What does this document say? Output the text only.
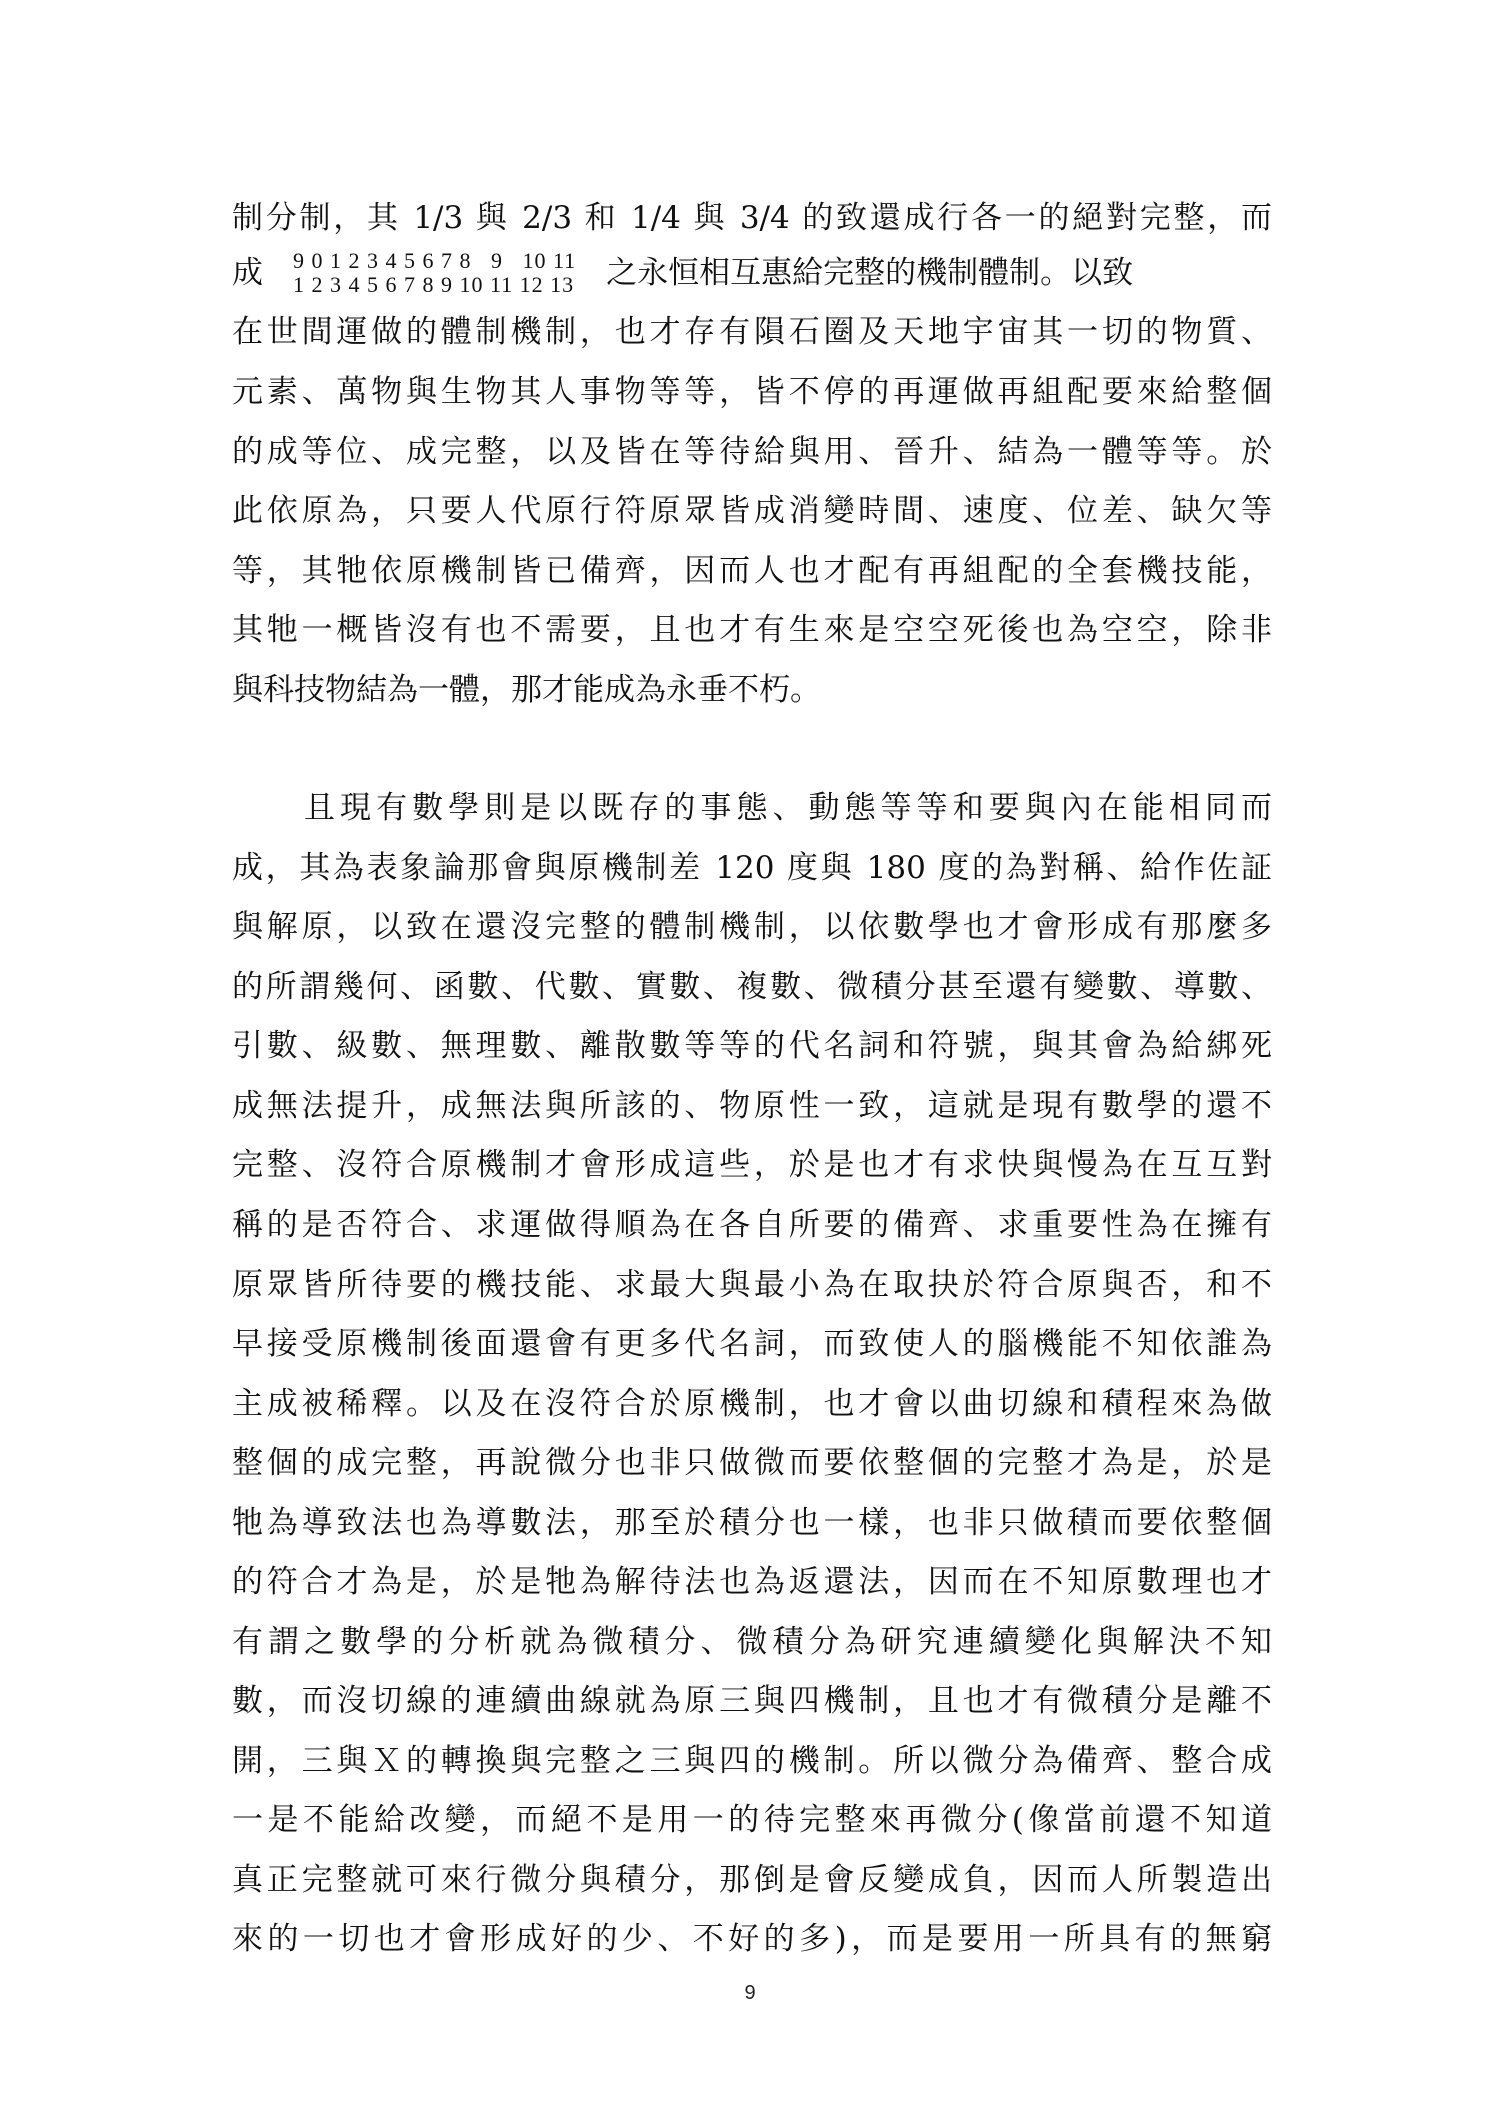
制分制，其 1/3 與 2/3 和 1/4 與 3/4 的致還成行各一的絕對完整，而
成 9 0 1 2 3 4 5 6 7 8   9   10 11
1 2 3 4 5 6 7 8 9 10 11 12 13 之永恒相互惠給完整的機制體制。以致
在世間運做的體制機制，也才存有隕石圈及天地宇宙其一切的物質、
元素、萬物與生物其人事物等等，皆不停的再運做再組配要來給整個
的成等位、成完整，以及皆在等待給與用、晉升、結為一體等等。於
此依原為，只要人代原行符原眾皆成消變時間、速度、位差、缺欠等
等，其牠依原機制皆已備齊，因而人也才配有再組配的全套機技能，
其牠一概皆沒有也不需要，且也才有生來是空空死後也為空空，除非
與科技物結為一體，那才能成為永垂不朽。
且現有數學則是以既存的事態、動態等等和要與內在能相同而
成，其為表象論那會與原機制差 120 度與 180 度的為對稱、給作佐証
與解原，以致在還沒完整的體制機制，以依數學也才會形成有那麼多
的所謂幾何、函數、代數、實數、複數、微積分甚至還有變數、導數、
引數、級數、無理數、離散數等等的代名詞和符號，與其會為給綁死
成無法提升，成無法與所該的、物原性一致，這就是現有數學的還不
完整、沒符合原機制才會形成這些，於是也才有求快與慢為在互互對
稱的是否符合、求運做得順為在各自所要的備齊、求重要性為在擁有
原眾皆所待要的機技能、求最大與最小為在取抉於符合原與否，和不
早接受原機制後面還會有更多代名詞，而致使人的腦機能不知依誰為
主成被稀釋。以及在沒符合於原機制，也才會以曲切線和積程來為做
整個的成完整，再說微分也非只做微而要依整個的完整才為是，於是
牠為導致法也為導數法，那至於積分也一樣，也非只做積而要依整個
的符合才為是，於是牠為解待法也為返還法，因而在不知原數理也才
有謂之數學的分析就為微積分、微積分為研究連續變化與解決不知
數，而沒切線的連續曲線就為原三與四機制，且也才有微積分是離不
開，三與Ｘ的轉換與完整之三與四的機制。所以微分為備齊、整合成
一是不能給改變，而絕不是用一的待完整來再微分(像當前還不知道
真正完整就可來行微分與積分，那倒是會反變成負，因而人所製造出
來的一切也才會形成好的少、不好的多)，而是要用一所具有的無窮
9
